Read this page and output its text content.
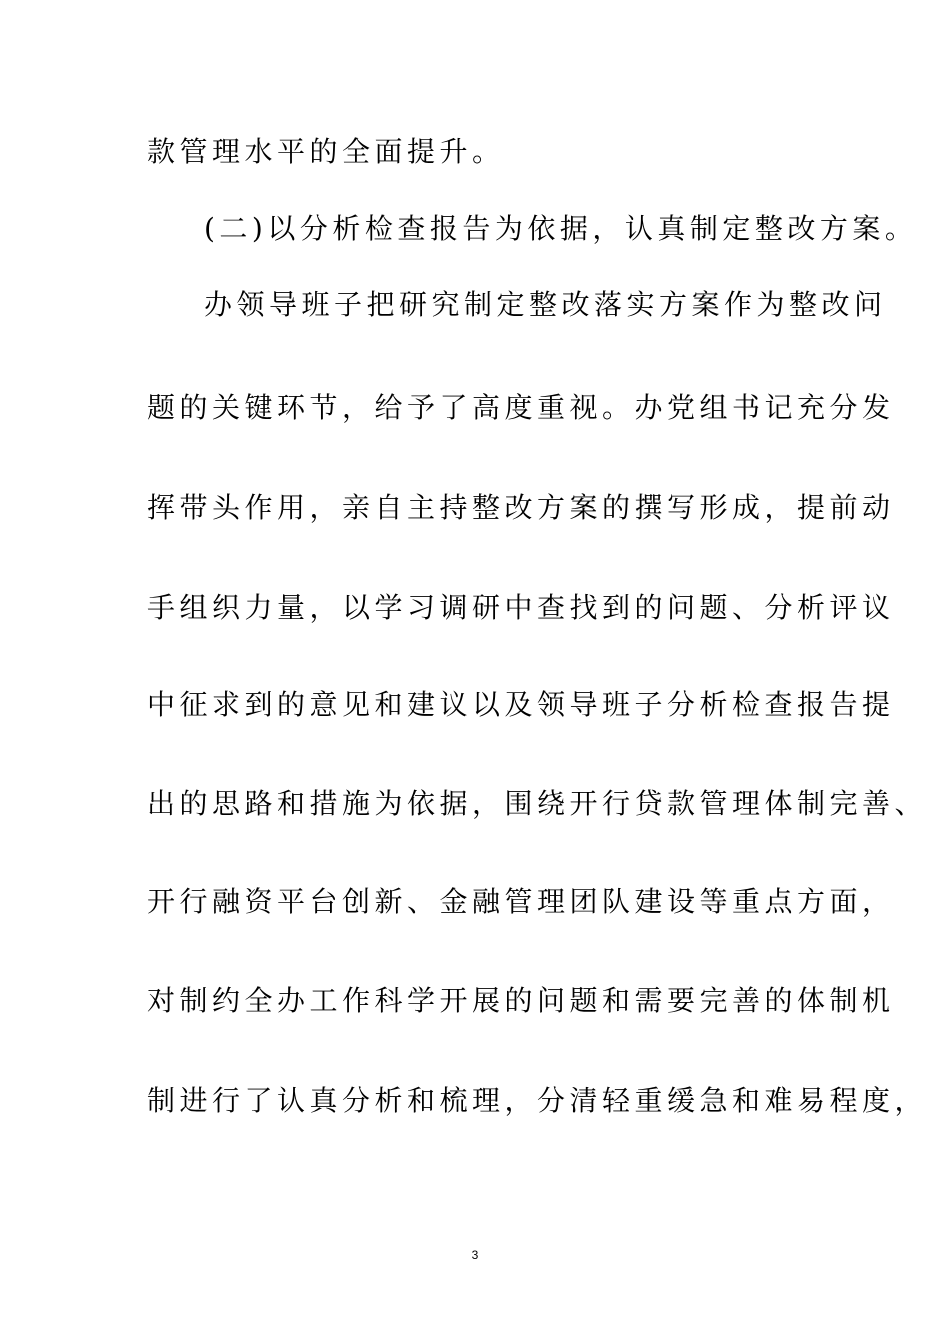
款管理水平的全面提升。
(二)以分析检查报告为依据，认真制定整改方案。
办领导班子把研究制定整改落实方案作为整改问
题的关键环节，给予了高度重视。办党组书记充分发
挥带头作用，亲自主持整改方案的撰写形成，提前动
手组织力量，以学习调研中查找到的问题、分析评议
中征求到的意见和建议以及领导班子分析检查报告提
出的思路和措施为依据，围绕开行贷款管理体制完善、
开行融资平台创新、金融管理团队建设等重点方面，
对制约全办工作科学开展的问题和需要完善的体制机
制进行了认真分析和梳理，分清轻重缓急和难易程度，
3
